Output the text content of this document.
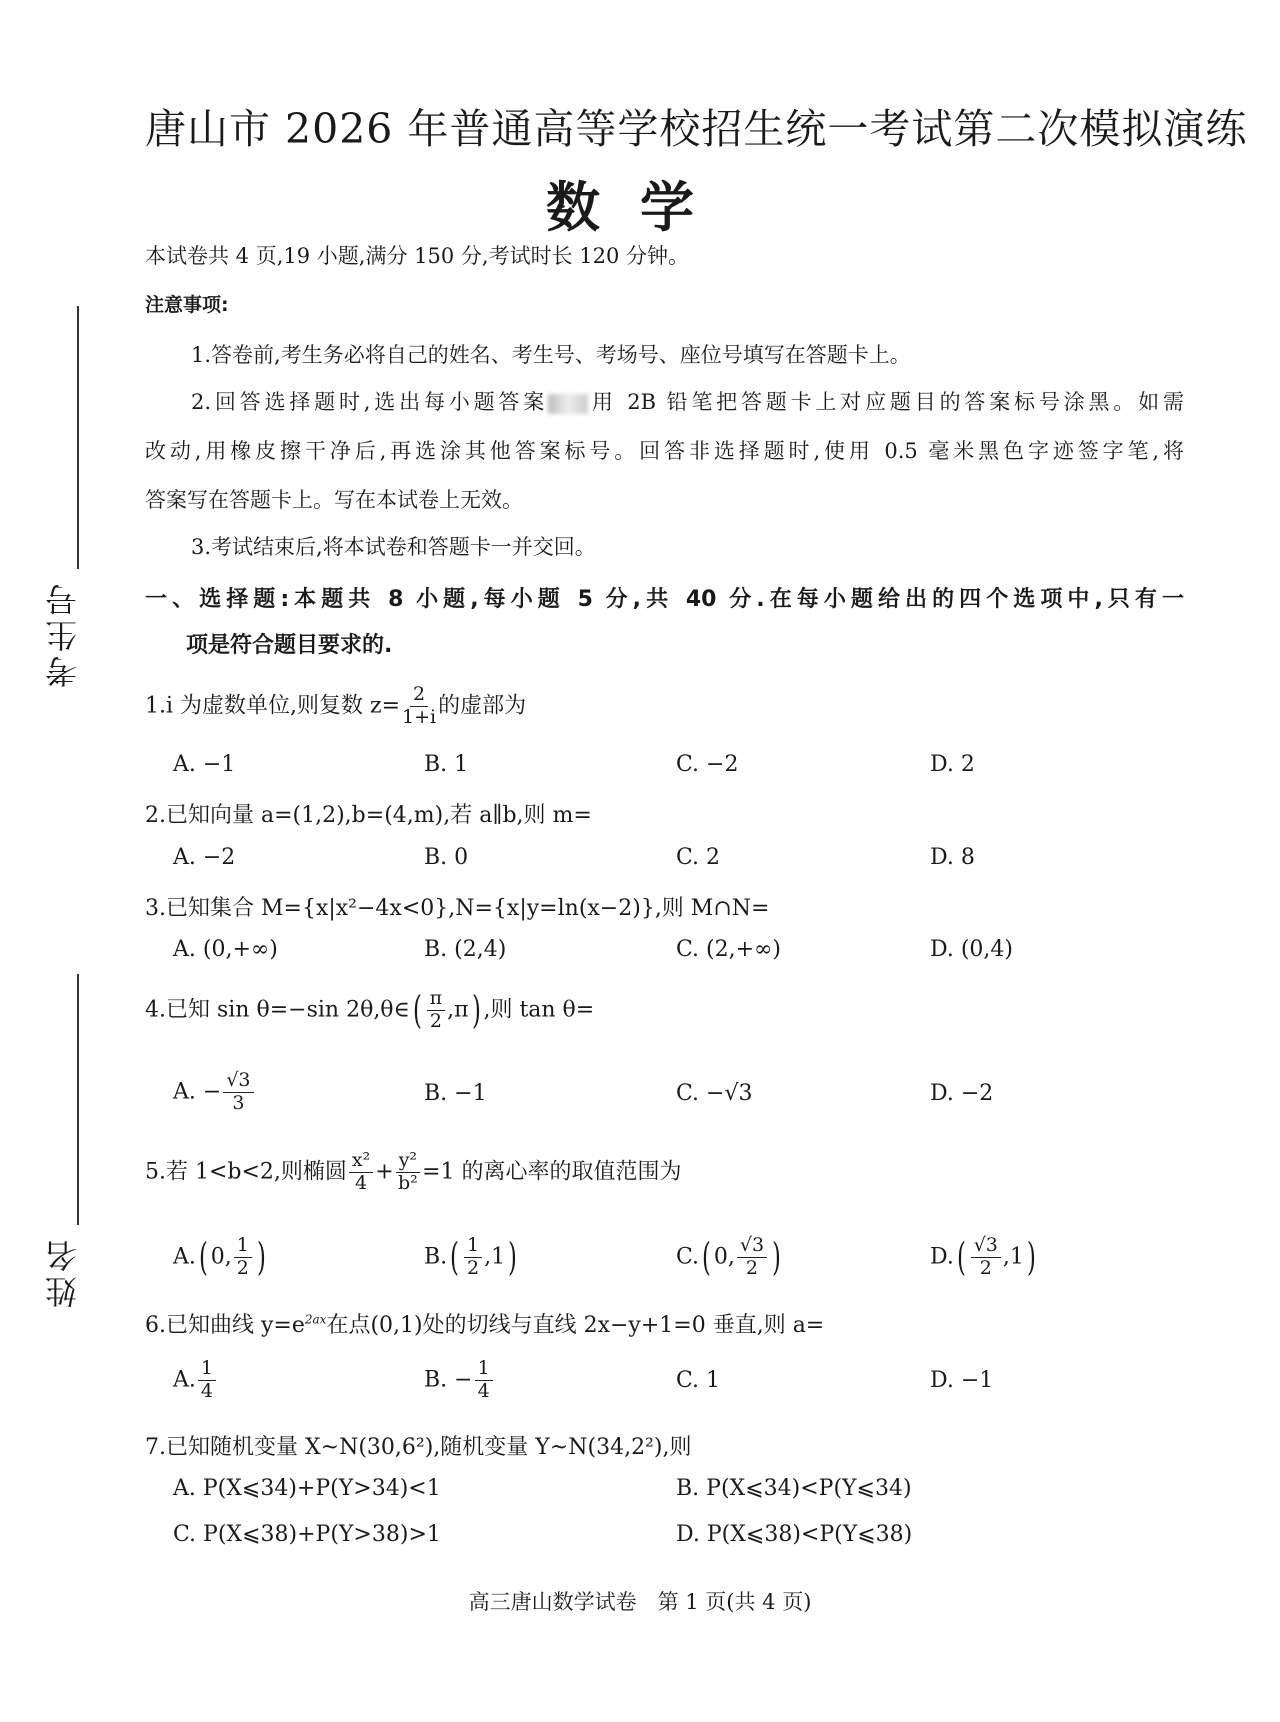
考生号
姓名
唐山市 2026 年普通高等学校招生统一考试第二次模拟演练
数学
本试卷共 4 页,19 小题,满分 150 分,考试时长 120 分钟。
注意事项:
1.答卷前,考生务必将自己的姓名、考生号、考场号、座位号填写在答题卡上。
2.回答选择题时,选出每小题答案 用 2B 铅笔把答题卡上对应题目的答案标号涂黑。如需
改动,用橡皮擦干净后,再选涂其他答案标号。回答非选择题时,使用 0.5 毫米黑色字迹签字笔,将
答案写在答题卡上。写在本试卷上无效。
3.考试结束后,将本试卷和答题卡一并交回。
一、选择题:本题共 8 小题,每小题 5 分,共 40 分.在每小题给出的四个选项中,只有一
项是符合题目要求的.
1.i 为虚数单位,则复数 $z= \frac{2}{1+i}$ 的虚部为
A. −1	B. 1	C. −2	D. 2
2.已知向量 a=(1,2),b=(4,m),若 a∥b,则 m=
A. −2	B. 0	C. 2	D. 8
3.已知集合 M={x|x²−4x<0},N={x|y=ln(x−2)},则 M∩N=
A. (0,+∞)	B. (2,4)	C. (2,+∞)	D. (0,4)
4.已知 sin θ=−sin 2θ,θ∈( $\frac{\pi}{2} ,\pi$) ,则 tan θ=
A. − $\frac{√3}{3}$	B. −1	C. −√3	D. −2
5.若 1<b<2,则椭圆 $\frac{\text{x²}}{4} + \frac{\text{y²}}{\text{b²}} =1$ 的离心率的取值范围为
A.( 0, $\frac{1}{2}$ )	$B.( \frac{1}{2} ,1)$	C.( 0, $\frac{√3}{2}$ )	$D.( \frac{√3}{2} ,1)$
6.已知曲线 $y=e^{2ax}$在点(0,1)处的切线与直线 2x−y+1=0 垂直,则 a=
A. $\frac{1}{4}$	B. − $\frac{1}{4}$	C. 1	D. −1
7.已知随机变量 X~N(30,6²),随机变量 Y~N(34,2²),则
A. P(X⩽34)+P(Y>34)<1	B. P(X⩽34)<P(Y⩽34)
C. P(X⩽38)+P(Y>38)>1	D. P(X⩽38)<P(Y⩽38)
高三唐山数学试卷　第 1 页(共 4 页)
